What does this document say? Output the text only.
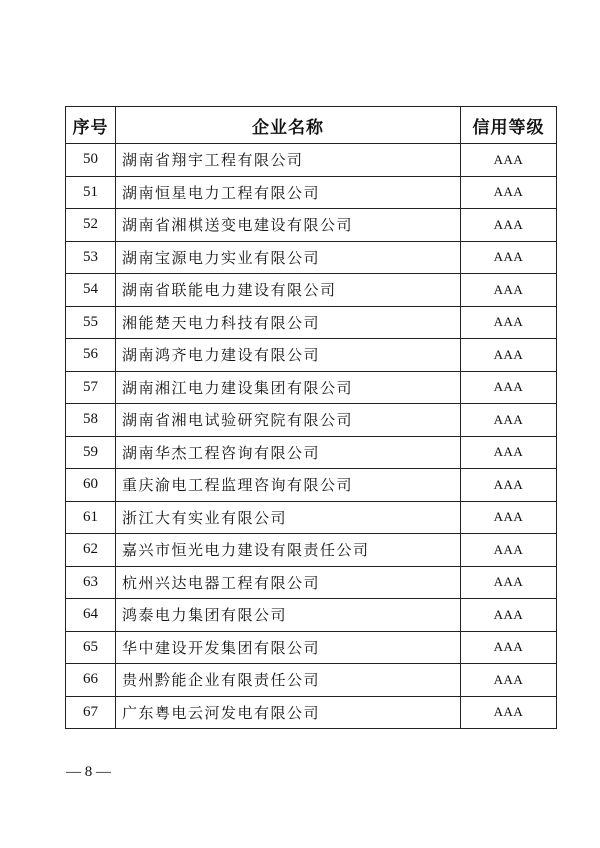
序号	企业名称	信用等级
50	湖南省翔宇工程有限公司	AAA
51	湖南恒星电力工程有限公司	AAA
52	湖南省湘棋送变电建设有限公司	AAA
53	湖南宝源电力实业有限公司	AAA
54	湖南省联能电力建设有限公司	AAA
55	湘能楚天电力科技有限公司	AAA
56	湖南鸿齐电力建设有限公司	AAA
57	湖南湘江电力建设集团有限公司	AAA
58	湖南省湘电试验研究院有限公司	AAA
59	湖南华杰工程咨询有限公司	AAA
60	重庆渝电工程监理咨询有限公司	AAA
61	浙江大有实业有限公司	AAA
62	嘉兴市恒光电力建设有限责任公司	AAA
63	杭州兴达电器工程有限公司	AAA
64	鸿泰电力集团有限公司	AAA
65	华中建设开发集团有限公司	AAA
66	贵州黔能企业有限责任公司	AAA
67	广东粤电云河发电有限公司	AAA
— 8 —
